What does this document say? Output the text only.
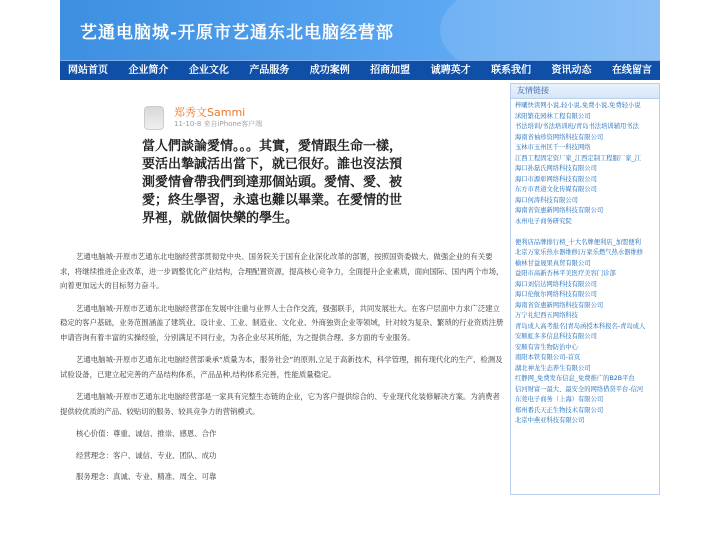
艺通电脑城-开原市艺通东北电脑经营部
网站首页 企业简介 企业文化 产品服务 成功案例 招商加盟 诚聘英才 联系我们 资讯动态 在线留言
郑秀文Sammi
11-10-8 来自iPhone客户端
當人們談論愛情。。。其實，愛情跟生命一樣，要活出摯誠活出當下，就已很好。誰也沒法預測愛情會帶我們到達那個站頭。愛情、愛、被愛；終生學習，永遠也難以畢業。在愛情的世界裡，就做個快樂的學生。

艺通电脑城-开原市艺通东北电脑经营部贯彻党中央、国务院关于国有企业深化改革的部署，按照国资委做大、做强企业的有关要求，将继续推进企业改革，进一步调整优化产业结构，合理配置资源，提高核心竞争力，全面提升企业素质，面向国际、国内两个市场，向着更加远大的目标努力奋斗。

艺通电脑城-开原市艺通东北电脑经营部在发展中注重与业界人士合作交流，强强联手，共同发展壮大。在客户层面中力求广泛建立稳定的客户基础，业务范围涵盖了建筑业、设计业、工业、制造业、文化业、外商独资企业等领域，针对较为复杂、繁琐的行业资质注册申请咨询有着丰富的实操经验，分别满足不同行业，为各企业尽其所能，为之提供合理、多方面的专业服务。

艺通电脑城-开原市艺通东北电脑经营部秉承“质量为本，服务社会”的原则,立足于高新技术，科学管理，拥有现代化的生产、检测及试验设备，已建立起完善的产品结构体系，产品品种,结构体系完善，性能质量稳定。

艺通电脑城-开原市艺通东北电脑经营部是一家具有完整生态链的企业，它为客户提供综合的、专业现代化装修解决方案。为消费者提供较优质的产品、较贴切的服务、较具竞争力的营销模式。

核心价值：尊重、诚信、推崇、感恩、合作

经营理念：客户、诚信、专业、团队、成功

服务理念：真诚、专业、精准、周全、可靠

友情链接
梓曦快读网小说,轻小说,免费小说,免费轻小说
沭阳繁花园林工程有限公司
书法培训/书法培训班/青岛书法培训辅用书法
海南省袖珍资网络科技有限公司
玉林市玉州区千一科技网络
江西工程固定资厂家_江西定制工程服厂家_江
海口孙磊氏网络科技有限公司
海口市源彰网络科技有限公司
东方市君道文化传媒有限公司
海口何涛科技有限公司
海南省资惠新网络科技有限公司
永州电子商务研究院

便利店品牌排行榜_十大名牌便利店_加盟便利
北京万家乐热水器维修|万家乐燃气热水器维修
榆林甘益晟果真贸有限公司
益阳市高新杏林平美医疗美容门诊部
海口刘信达网络科技有限公司
海口伦航尔网络科技有限公司
海南省资惠新网络科技有限公司
万宁礼纪西五网络科技
青岛成人高考报名|青岛函授本科报名-青岛成人
安顺虹多多信息科技有限公司
安顺有害生物防治中心
南阳本铁有限公司-首页
湖北神龙生态养生有限公司
红静网_免费发布信息_免费推广的B2B平台
信河财富一最大、最安全的网络借贷平台-信河
东莞电子商务（上海）有限公司
郑州番氏天正生物技术有限公司
北京中燕亚科技有限公司
